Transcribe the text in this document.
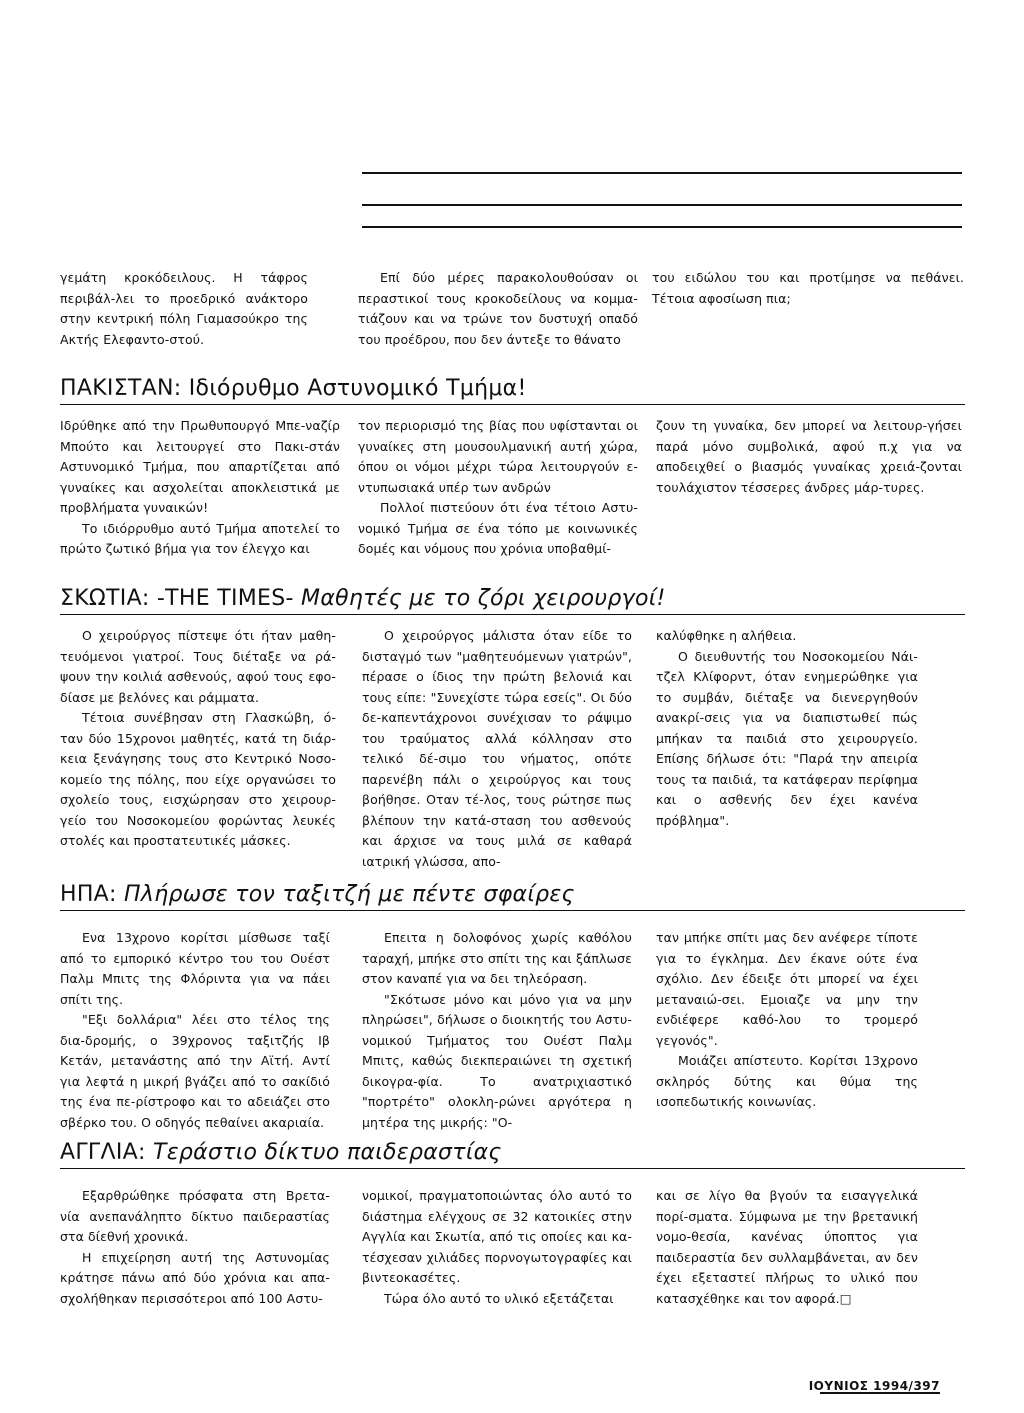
γεμάτη κροκόδειλους. Η τάφρος περιβάλ-λει το προεδρικό ανάκτορο στην κεντρική πόλη Γιαμασούκρο της Ακτής Ελεφαντο-στού.

Επί δύο μέρες παρακολουθούσαν οι περαστικοί τους κροκοδείλους να κομμα-τιάζουν και να τρώνε τον δυστυχή οπαδό του προέδρου, που δεν άντεξε το θάνατο

του ειδώλου του και προτίμησε να πεθάνει. Τέτοια αφοσίωση πια;

ΠΑΚΙΣΤΑΝ: Ιδιόρυθμο Αστυνομικό Τμήμα!

Ιδρύθηκε από την Πρωθυπουργό Μπε-ναζίρ Μπούτο και λειτουργεί στο Πακι-στάν Αστυνομικό Τμήμα, που απαρτίζεται από γυναίκες και ασχολείται αποκλειστικά με προβλήματα γυναικών!

Το ιδιόρρυθμο αυτό Τμήμα αποτελεί το πρώτο ζωτικό βήμα για τον έλεγχο και

τον περιορισμό της βίας που υφίστανται οι γυναίκες στη μουσουλμανική αυτή χώρα, όπου οι νόμοι μέχρι τώρα λειτουργούν ε-ντυπωσιακά υπέρ των ανδρών

Πολλοί πιστεύουν ότι ένα τέτοιο Αστυ-νομικό Τμήμα σε ένα τόπο με κοινωνικές δομές και νόμους που χρόνια υποβαθμί-

ζουν τη γυναίκα, δεν μπορεί να λειτουρ-γήσει παρά μόνο συμβολικά, αφού π.χ για να αποδειχθεί ο βιασμός γυναίκας χρειά-ζονται τουλάχιστον τέσσερες άνδρες μάρ-τυρες.

ΣΚΩΤΙΑ: -ΤΗΕ TIMES- Μαθητές με το ζόρι χειρουργοί!

Ο χειρούργος πίστεψε ότι ήταν μαθη-τευόμενοι γιατροί. Τους διέταξε να ρά-ψουν την κοιλιά ασθενούς, αφού τους εφο-δίασε με βελόνες και ράμματα.

Τέτοια συνέβησαν στη Γλασκώβη, ό-ταν δύο 15χρονοι μαθητές, κατά τη διάρ-κεια ξενάγησης τους στο Κεντρικό Νοσο-κομείο της πόλης, που είχε οργανώσει το σχολείο τους, εισχώρησαν στο χειρουρ-γείο του Νοσοκομείου φορώντας λευκές στολές και προστατευτικές μάσκες.

Ο χειρούργος μάλιστα όταν είδε το δισταγμό των "μαθητευόμενων γιατρών", πέρασε ο ίδιος την πρώτη βελονιά και τους είπε: "Συνεχίστε τώρα εσείς". Οι δύο δε-καπεντάχρονοι συνέχισαν το ράψιμο του τραύματος αλλά κόλλησαν στο τελικό δέ-σιμο του νήματος, οπότε παρενέβη πάλι ο χειρούργος και τους βοήθησε. Οταν τέ-λος, τους ρώτησε πως βλέπουν την κατά-σταση του ασθενούς και άρχισε να τους μιλά σε καθαρά ιατρική γλώσσα, απο-

καλύφθηκε η αλήθεια.

Ο διευθυντής του Νοσοκομείου Νάι-τζελ Κλίφορντ, όταν ενημερώθηκε για το συμβάν, διέταξε να διενεργηθούν ανακρί-σεις για να διαπιστωθεί πώς μπήκαν τα παιδιά στο χειρουργείο. Επίσης δήλωσε ότι: "Παρά την απειρία τους τα παιδιά, τα κατάφεραν περίφημα και ο ασθενής δεν έχει κανένα πρόβλημα".

ΗΠΑ: Πλήρωσε τον ταξιτζή με πέντε σφαίρες

Ενα 13χρονο κορίτσι μίσθωσε ταξί από το εμπορικό κέντρο του του Ουέστ Παλμ Μπιτς της Φλόριντα για να πάει σπίτι της.

"Εξι δολλάρια" λέει στο τέλος της δια-δρομής, ο 39χρονος ταξιτζής Ιβ Κετάν, μετανάστης από την Αϊτή. Αντί για λεφτά η μικρή βγάζει από το σακίδιό της ένα πε-ρίστροφο και το αδειάζει στο σβέρκο του. Ο οδηγός πεθαίνει ακαριαία.

Επειτα η δολοφόνος χωρίς καθόλου ταραχή, μπήκε στο σπίτι της και ξάπλωσε στον καναπέ για να δει τηλεόραση.

"Σκότωσε μόνο και μόνο για να μην πληρώσει", δήλωσε ο διοικητής του Αστυ-νομικού Τμήματος του Ουέστ Παλμ Μπιτς, καθώς διεκπεραιώνει τη σχετική δικογρα-φία. Το ανατριχιαστικό "πορτρέτο" ολοκλη-ρώνει αργότερα η μητέρα της μικρής: "Ο-

ταν μπήκε σπίτι μας δεν ανέφερε τίποτε για το έγκλημα. Δεν έκανε ούτε ένα σχόλιο. Δεν έδειξε ότι μπορεί να έχει μεταναιώ-σει. Εμοιαζε να μην την ενδιέφερε καθό-λου το τρομερό γεγονός".

Μοιάζει απίστευτο. Κορίτσι 13χρονο σκληρός δύτης και θύμα της ισοπεδωτικής κοινωνίας.

ΑΓΓΛΙΑ: Τεράστιο δίκτυο παιδεραστίας

Εξαρθρώθηκε πρόσφατα στη Βρετα-νία ανεπανάληπτο δίκτυο παιδεραστίας στα δίεθνή χρονικά.

Η επιχείρηση αυτή της Αστυνομίας κράτησε πάνω από δύο χρόνια και απα-σχολήθηκαν περισσότεροι από 100 Αστυ-

νομικοί, πραγματοποιώντας όλο αυτό το διάστημα ελέγχους σε 32 κατοικίες στην Αγγλία και Σκωτία, από τις οποίες και κα-τέσχεσαν χιλιάδες πορνογωτογραφίες και βιντεοκασέτες.

Τώρα όλο αυτό το υλικό εξετάζεται

και σε λίγο θα βγούν τα εισαγγελικά πορί-σματα. Σύμφωνα με την βρετανική νομο-θεσία, κανένας ύποπτος για παιδεραστία δεν συλλαμβάνεται, αν δεν έχει εξεταστεί πλήρως το υλικό που κατασχέθηκε και τον αφορά.□

ΙΟΥΝΙΟΣ 1994/397
